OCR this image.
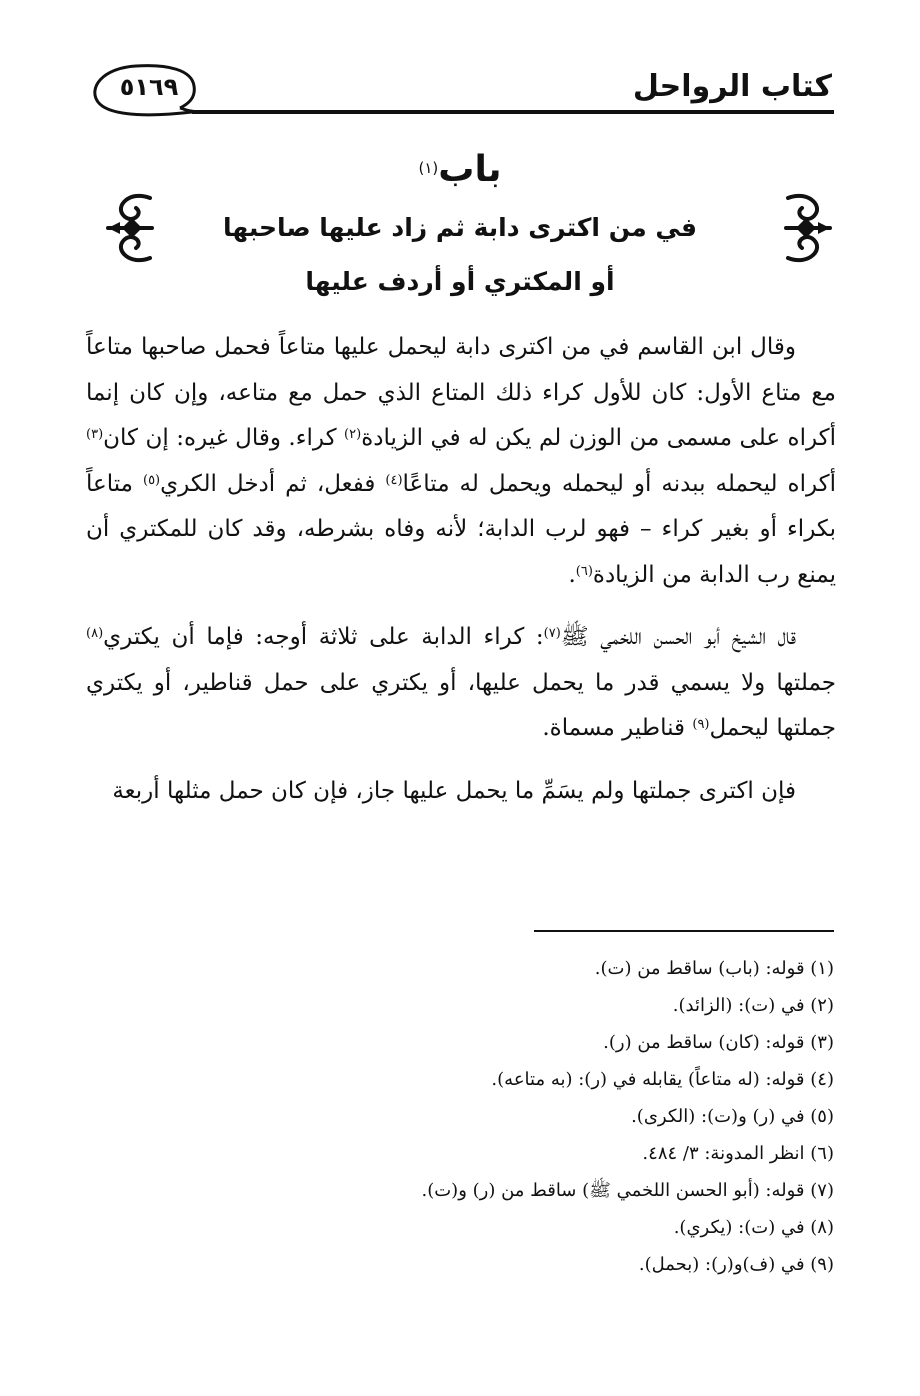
كتاب الرواحل
٥١٦٩
باب$^{(١)}$
في من اكترى دابة ثم زاد عليها صاحبها
أو المكتري أو أردف عليها

وقال ابن القاسم في من اكترى دابة ليحمل عليها متاعاً فحمل صاحبها متاعاً مع متاع الأول: كان للأول كراء ذلك المتاع الذي حمل مع متاعه، وإن كان إنما أكراه على مسمى من الوزن لم يكن له في الزيادة$^{(٢)}$ كراء. وقال غيره: إن كان$^{(٣)}$ أكراه ليحمله ببدنه أو ليحمله ويحمل له متاعًا$^{(٤)}$ ففعل، ثم أدخل الكري$^{(٥)}$ متاعاً بكراء أو بغير كراء – فهو لرب الدابة؛ لأنه وفاه بشرطه، وقد كان للمكتري أن يمنع رب الدابة من الزيادة$^{(٦)}$.

قال الشيخ أبو الحسن اللخمي ﷺ$^{(٧)}$: كراء الدابة على ثلاثة أوجه: فإما أن يكتري$^{(٨)}$ جملتها ولا يسمي قدر ما يحمل عليها، أو يكتري على حمل قناطير، أو يكتري جملتها ليحمل$^{(٩)}$ قناطير مسماة.

فإن اكترى جملتها ولم يسَمِّ ما يحمل عليها جاز، فإن كان حمل مثلها أربعة

(١) قوله: (باب) ساقط من (ت).
(٢) في (ت): (الزائد).
(٣) قوله: (كان) ساقط من (ر).
(٤) قوله: (له متاعاً) يقابله في (ر): (به متاعه).
(٥) في (ر) و(ت): (الكرى).
(٦) انظر المدونة: ٣/ ٤٨٤.
(٧) قوله: (أبو الحسن اللخمي ﷺ) ساقط من (ر) و(ت).
(٨) في (ت): (يكري).
(٩) في (ف)و(ر): (بحمل).
